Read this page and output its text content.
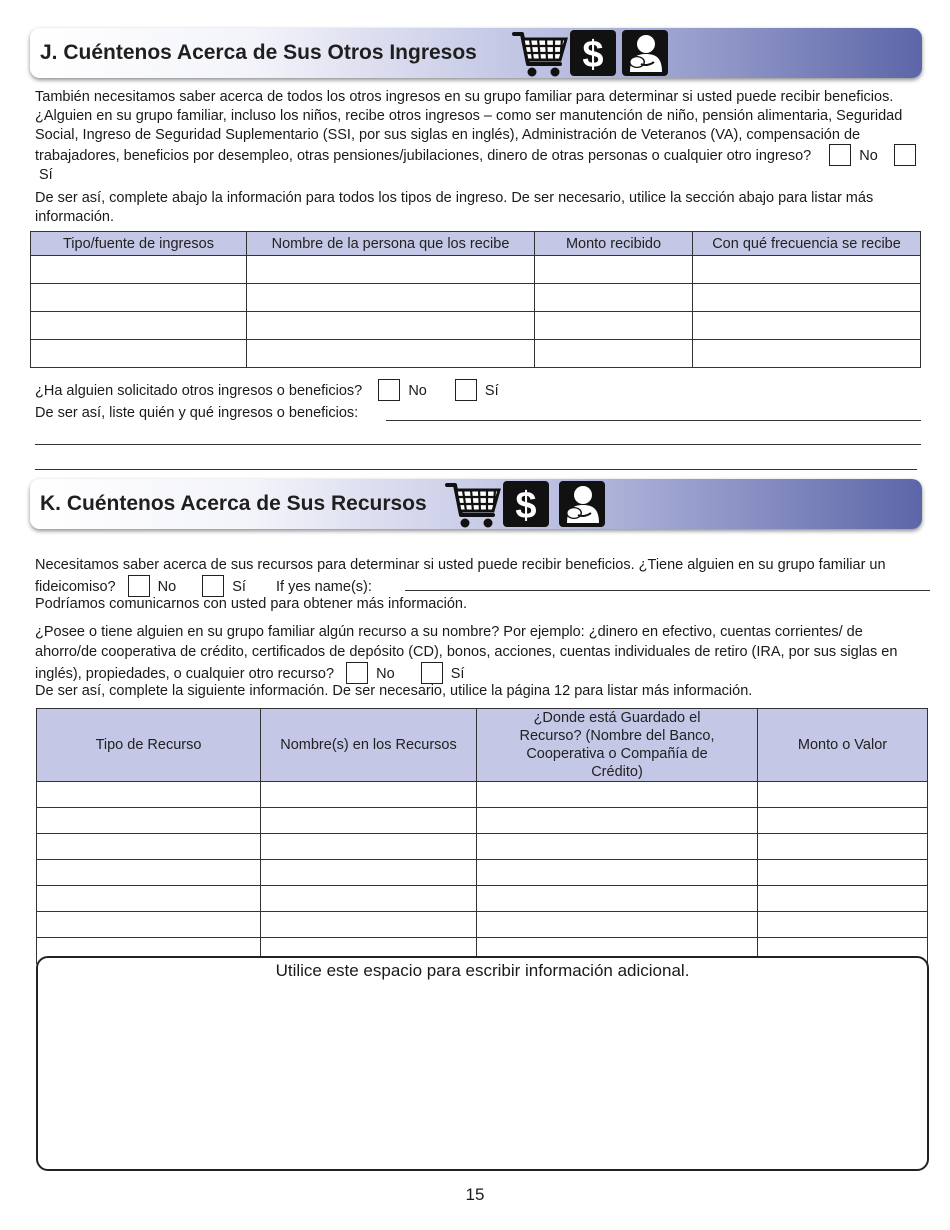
J. Cuéntenos Acerca de Sus Otros Ingresos	$
También necesitamos saber acerca de todos los otros ingresos en su grupo familiar para determinar si usted puede recibir beneficios. ¿Alguien en su grupo familiar, incluso los niños, recibe otros ingresos – como ser manutención de niño, pensión alimentaria, Seguridad Social, Ingreso de Seguridad Suplementario (SSI, por sus siglas en inglés), Administración de Veteranos (VA), compensación de trabajadores, beneficios por desempleo, otras pensiones/jubilaciones, dinero de otras personas o cualquier otro ingreso?	No  Sí
De ser así, complete abajo la información para todos los tipos de ingreso. De ser necesario, utilice la sección abajo para listar más información.
Tipo/fuente de ingresos	Nombre de la persona que los recibe	Monto recibido	Con qué frecuencia se recibe

¿Ha alguien solicitado otros ingresos o beneficios?	No	Sí
De ser así, liste quién y qué ingresos o beneficios:
K. Cuéntenos Acerca de Sus Recursos $
Necesitamos saber acerca de sus recursos para determinar si usted puede recibir beneficios. ¿Tiene alguien en su grupo familiar un fideicomiso?	No	Sí If yes name(s):
Podríamos comunicarnos con usted para obtener más información.
¿Posee o tiene alguien en su grupo familiar algún recurso a su nombre? Por ejemplo: ¿dinero en efectivo, cuentas corrientes/ de ahorro/de cooperativa de crédito, certificados de depósito (CD), bonos, acciones, cuentas individuales de retiro (IRA, por sus siglas en inglés), propiedades, o cualquier otro recurso?	No	Sí
De ser así, complete la siguiente información. De ser necesario, utilice la página 12 para listar más información.
Tipo de Recurso	Nombre(s) en los Recursos	¿Donde está Guardado el Recurso? (Nombre del Banco, Cooperativa o Compañía de Crédito)	Monto o Valor

Utilice este espacio para escribir información adicional.
15
